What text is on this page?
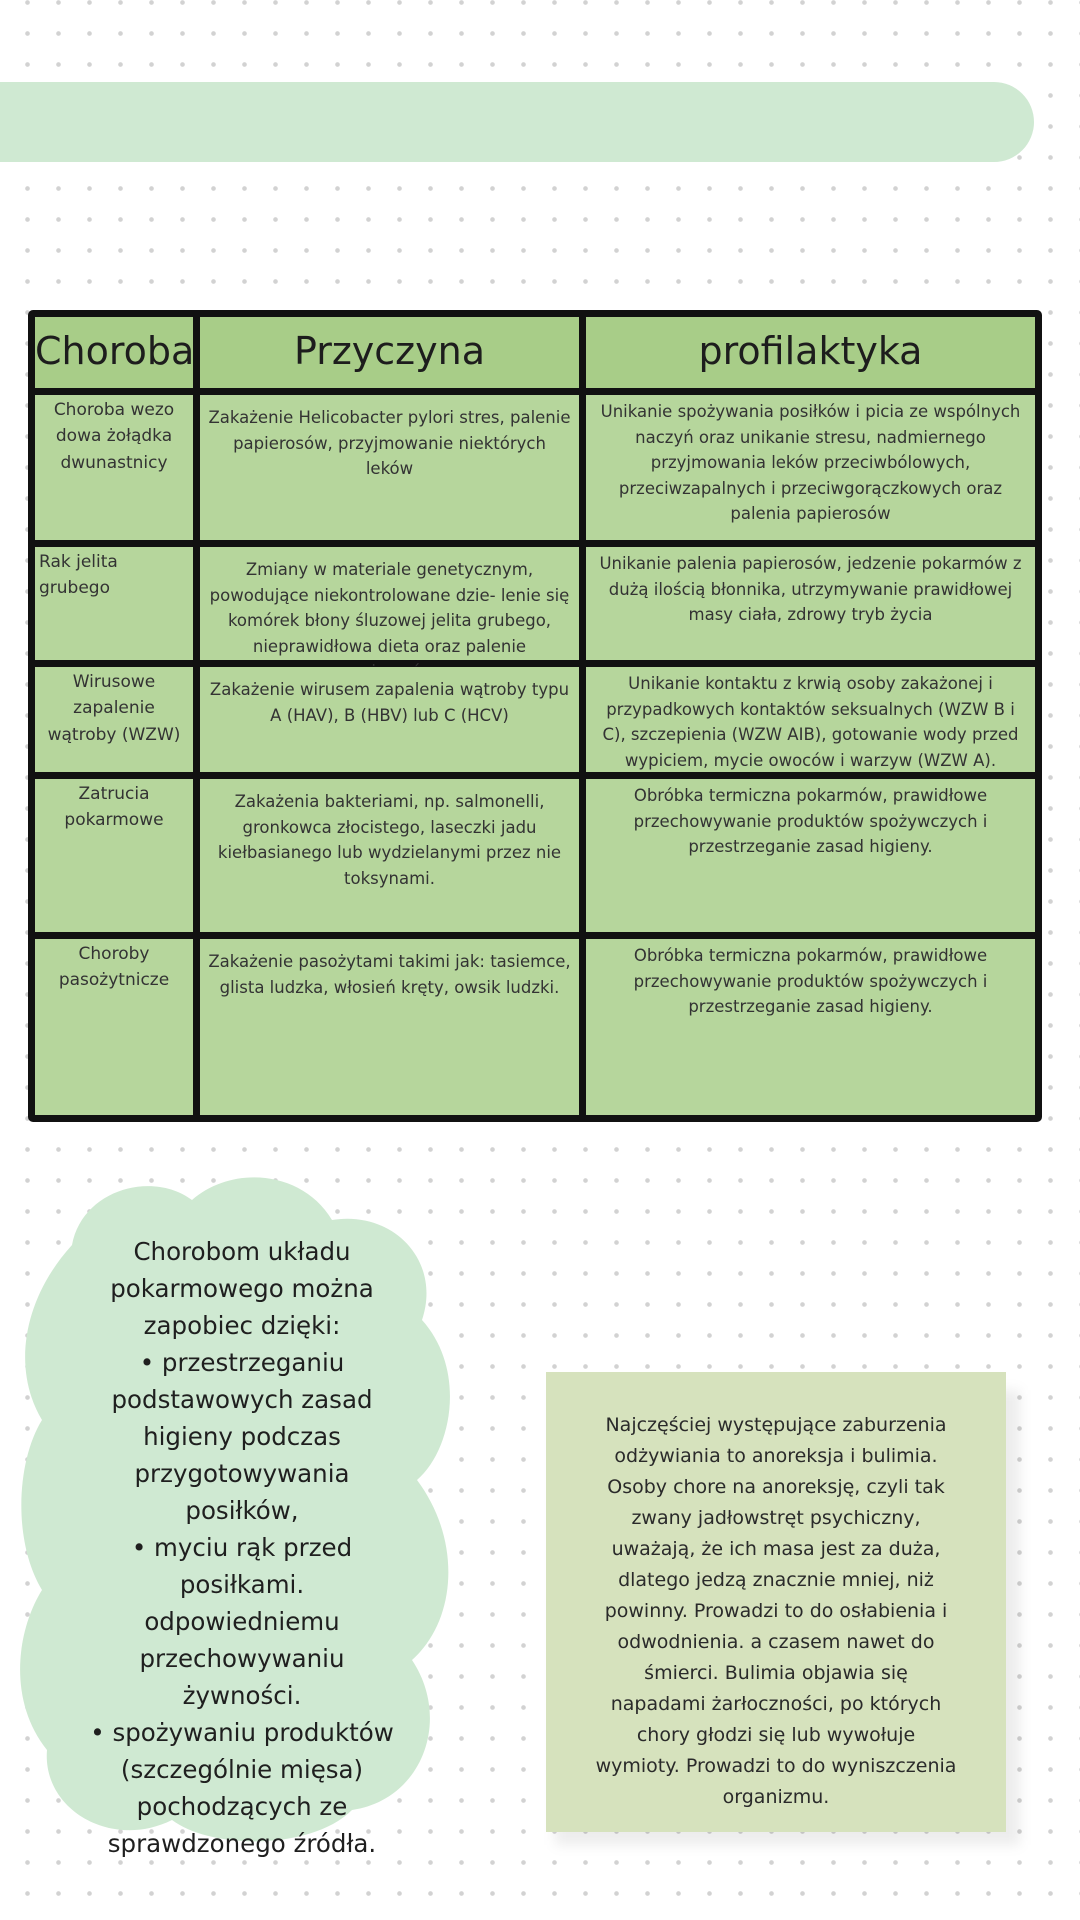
Choroba	Przyczyna	profilaktyka
Choroba wezo dowa żołądka dwunastnicy
Zakażenie Helicobacter pylori stres, palenie papierosów, przyjmowanie niektórych leków
Unikanie spożywania posiłków i picia ze wspólnych naczyń oraz unikanie stresu, nadmiernego przyjmowania leków przeciwbólowych, przeciwzapalnych i przeciwgorączkowych oraz palenia papierosów
Rak jelita grubego
Zmiany w materiale genetycznym, powodujące niekontrolowane dzie- lenie się komórek błony śluzowej jelita grubego, nieprawidłowa dieta oraz palenie
Unikanie palenia papierosów, jedzenie pokarmów z dużą ilością błonnika, utrzymywanie prawidłowej masy ciała, zdrowy tryb życia
Wirusowe zapalenie wątroby (WZW)
Zakażenie wirusem zapalenia wątroby typu A (HAV), B (HBV) lub C (HCV)
Unikanie kontaktu z krwią osoby zakażonej i przypadkowych kontaktów seksualnych (WZW B i C), szczepienia (WZW AIB), gotowanie wody przed wypiciem, mycie owoców i warzyw (WZW A).
Zatrucia pokarmowe
Zakażenia bakteriami, np. salmonelli, gronkowca złocistego, laseczki jadu kiełbasianego lub wydzielanymi przez nie toksynami.
Obróbka termiczna pokarmów, prawidłowe przechowywanie produktów spożywczych i przestrzeganie zasad higieny.
Choroby pasożytnicze
Zakażenie pasożytami takimi jak: tasiemce, glista ludzka, włosień kręty, owsik ludzki.
Obróbka termiczna pokarmów, prawidłowe przechowywanie produktów spożywczych i przestrzeganie zasad higieny.
Chorobom układu
pokarmowego można
zapobiec dzięki:
• przestrzeganiu
podstawowych zasad
higieny podczas
przygotowywania
posiłków,
• myciu rąk przed
posiłkami.
odpowiedniemu
przechowywaniu
żywności.
• spożywaniu produktów
(szczególnie mięsa)
pochodzących ze
sprawdzonego źródła.
Najczęściej występujące zaburzenia
odżywiania to anoreksja i bulimia.
Osoby chore na anoreksję, czyli tak
zwany jadłowstręt psychiczny,
uważają, że ich masa jest za duża,
dlatego jedzą znacznie mniej, niż
powinny. Prowadzi to do osłabienia i
odwodnienia. a czasem nawet do
śmierci. Bulimia objawia się
napadami żarłoczności, po których
chory głodzi się lub wywołuje
wymioty. Prowadzi to do wyniszczenia
organizmu.
